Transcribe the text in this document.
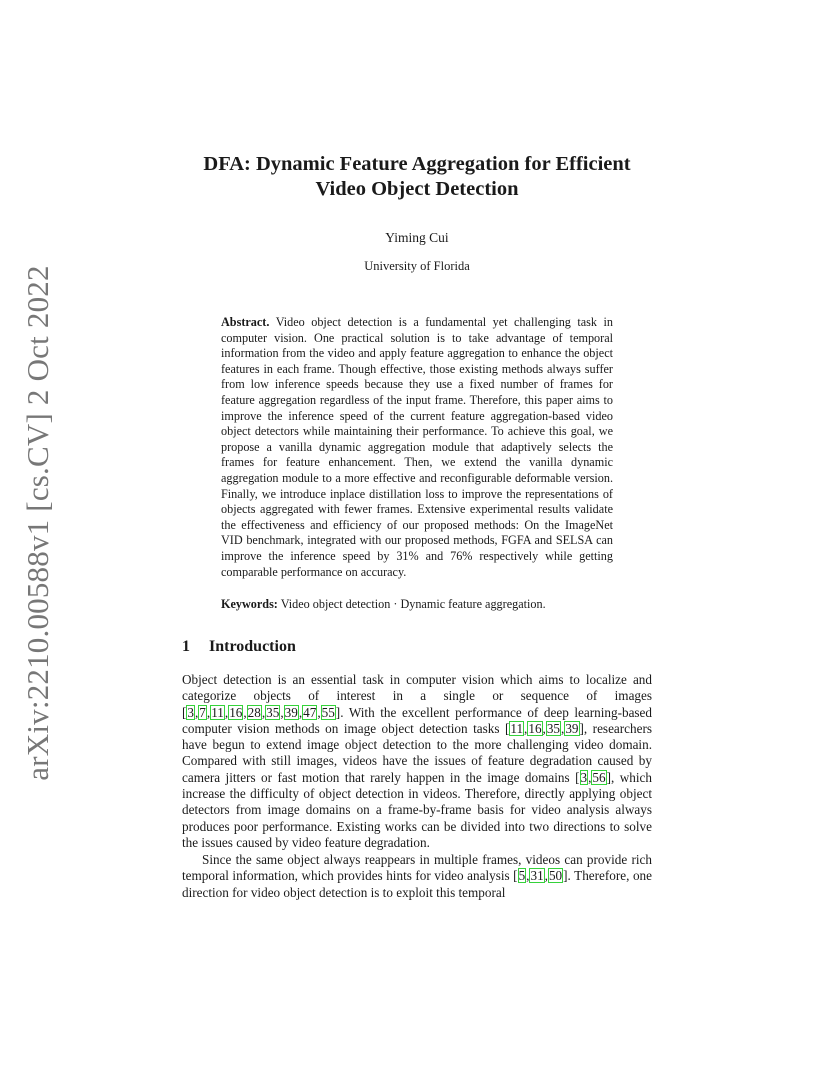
arXiv:2210.00588v1 [cs.CV] 2 Oct 2022
DFA: Dynamic Feature Aggregation for Efficient Video Object Detection
Yiming Cui
University of Florida

Abstract. Video object detection is a fundamental yet challenging task in computer vision. One practical solution is to take advantage of temporal information from the video and apply feature aggregation to enhance the object features in each frame. Though effective, those existing methods always suffer from low inference speeds because they use a fixed number of frames for feature aggregation regardless of the input frame. Therefore, this paper aims to improve the inference speed of the current feature aggregation-based video object detectors while maintaining their performance. To achieve this goal, we propose a vanilla dynamic aggregation module that adaptively selects the frames for feature enhancement. Then, we extend the vanilla dynamic aggregation module to a more effective and reconfigurable deformable version. Finally, we introduce inplace distillation loss to improve the representations of objects aggregated with fewer frames. Extensive experimental results validate the effectiveness and efficiency of our proposed methods: On the ImageNet VID benchmark, integrated with our proposed methods, FGFA and SELSA can improve the inference speed by 31% and 76% respectively while getting comparable performance on accuracy.

Keywords: Video object detection · Dynamic feature aggregation.

1 Introduction

Object detection is an essential task in computer vision which aims to localize and categorize objects of interest in a single or sequence of images [3,7,11,16,28,35,39,47,55]. With the excellent performance of deep learning-based computer vision methods on image object detection tasks [11,16,35,39], researchers have begun to extend image object detection to the more challenging video domain. Compared with still images, videos have the issues of feature degradation caused by camera jitters or fast motion that rarely happen in the image domains [3,56], which increase the difficulty of object detection in videos. Therefore, directly applying object detectors from image domains on a frame-by-frame basis for video analysis always produces poor performance. Existing works can be divided into two directions to solve the issues caused by video feature degradation.

Since the same object always reappears in multiple frames, videos can provide rich temporal information, which provides hints for video analysis [5,31,50]. Therefore, one direction for video object detection is to exploit this temporal
